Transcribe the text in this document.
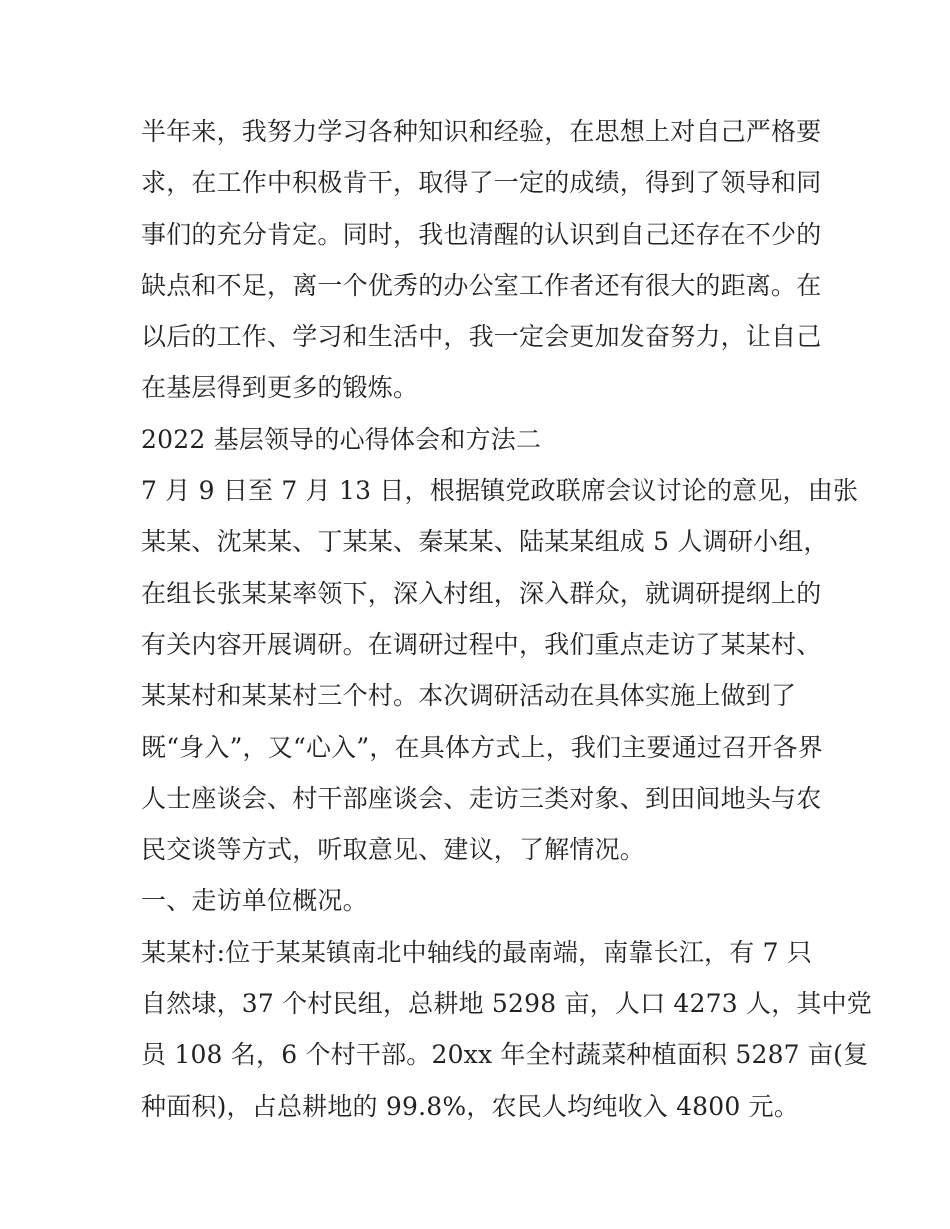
半年来，我努力学习各种知识和经验，在思想上对自己严格要
求，在工作中积极肯干，取得了一定的成绩，得到了领导和同
事们的充分肯定。同时，我也清醒的认识到自己还存在不少的
缺点和不足，离一个优秀的办公室工作者还有很大的距离。在
以后的工作、学习和生活中，我一定会更加发奋努力，让自己
在基层得到更多的锻炼。

2022 基层领导的心得体会和方法二

7 月 9 日至 7 月 13 日，根据镇党政联席会议讨论的意见，由张
某某、沈某某、丁某某、秦某某、陆某某组成 5 人调研小组，
在组长张某某率领下，深入村组，深入群众，就调研提纲上的
有关内容开展调研。在调研过程中，我们重点走访了某某村、
某某村和某某村三个村。本次调研活动在具体实施上做到了
既“身入”，又“心入”，在具体方式上，我们主要通过召开各界
人士座谈会、村干部座谈会、走访三类对象、到田间地头与农
民交谈等方式，听取意见、建议，了解情况。

一、走访单位概况。

某某村:位于某某镇南北中轴线的最南端，南靠长江，有 7 只
自然埭，37 个村民组，总耕地 5298 亩，人口 4273 人，其中党
员 108 名，6 个村干部。20xx 年全村蔬菜种植面积 5287 亩(复
种面积)，占总耕地的 99.8%，农民人均纯收入 4800 元。
